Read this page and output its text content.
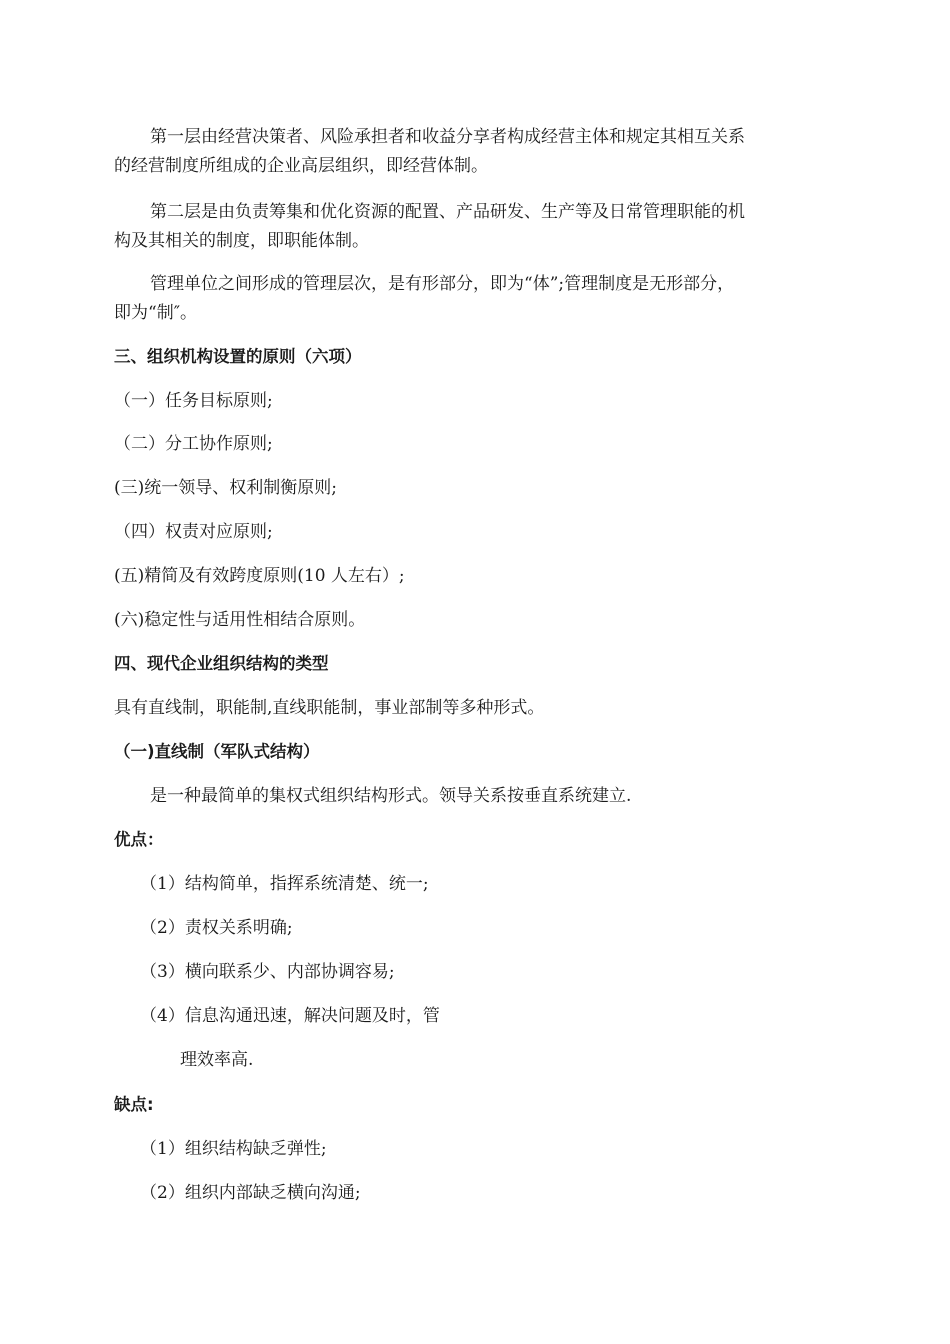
第一层由经营决策者、风险承担者和收益分享者构成经营主体和规定其相互关系
的经营制度所组成的企业高层组织，即经营体制。
第二层是由负责筹集和优化资源的配置、产品研发、生产等及日常管理职能的机
构及其相关的制度，即职能体制。
管理单位之间形成的管理层次，是有形部分，即为“体”;管理制度是无形部分，
即为“制″。
三、组织机构设置的原则（六项）
（一）任务目标原则;
（二）分工协作原则;
(三)统一领导、权利制衡原则;
（四）权责对应原则;
(五)精简及有效跨度原则(10 人左右）;
(六)稳定性与适用性相结合原则。
四、现代企业组织结构的类型
具有直线制，职能制,直线职能制，事业部制等多种形式。
（一)直线制（军队式结构）
是一种最简单的集权式组织结构形式。领导关系按垂直系统建立.
优点：
（1）结构简单，指挥系统清楚、统一;
（2）责权关系明确;
（3）横向联系少、内部协调容易;
（4）信息沟通迅速，解决问题及时，管
理效率高.
缺点:
（1）组织结构缺乏弹性;
（2）组织内部缺乏横向沟通;
